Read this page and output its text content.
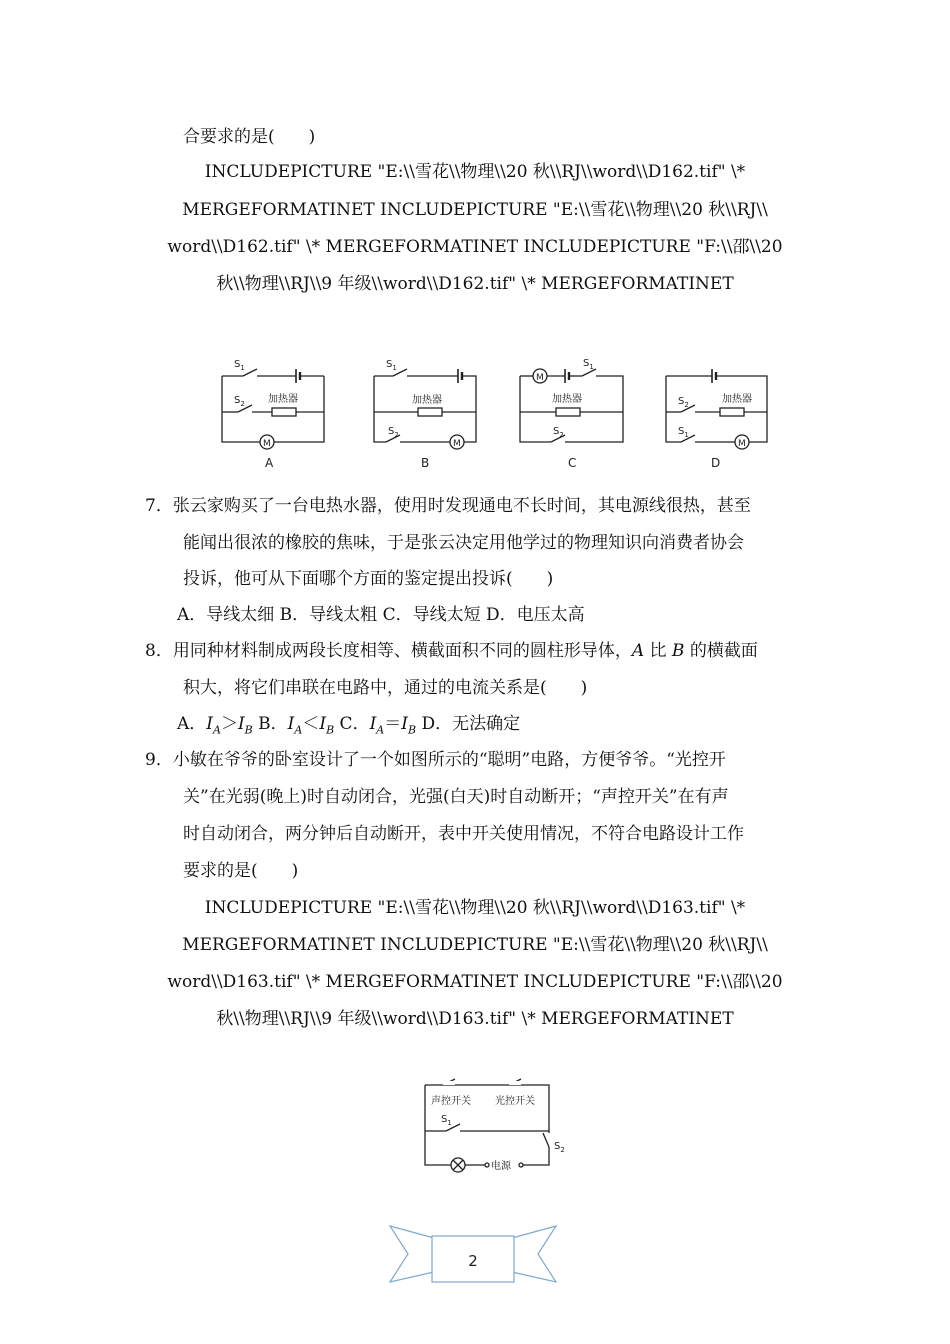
合要求的是(　　)
INCLUDEPICTURE "E:\\雪花\\物理\\20 秋\\RJ\\word\\D162.tif" \*
MERGEFORMATINET INCLUDEPICTURE "E:\\雪花\\物理\\20 秋\\RJ\\
word\\D162.tif" \* MERGEFORMATINET INCLUDEPICTURE "F:\\邵\\20
秋\\物理\\RJ\\9 年级\\word\\D162.tif" \* MERGEFORMATINET
$S_1$
$S_2$ 加热器
M
A
$S_1$
加热器
$S_2$
M
B
M
$S_1$
加热器
$S_2$
C
加热器
$S_2$
$S_1$
M
D
7．张云家购买了一台电热水器，使用时发现通电不长时间，其电源线很热，甚至
能闻出很浓的橡胶的焦味，于是张云决定用他学过的物理知识向消费者协会
投诉，他可从下面哪个方面的鉴定提出投诉(　　)
A．导线太细 B．导线太粗 C．导线太短 D．电压太高
8．用同种材料制成两段长度相等、横截面积不同的圆柱形导体，A 比 B 的横截面
积大，将它们串联在电路中，通过的电流关系是(　　)
A．$I_A>I_B$ B．$I_A<I_B$ C．$I_A=I_B$ D．无法确定
9．小敏在爷爷的卧室设计了一个如图所示的“聪明”电路，方便爷爷。“光控开
关”在光弱(晚上)时自动闭合，光强(白天)时自动断开；“声控开关”在有声
时自动闭合，两分钟后自动断开，表中开关使用情况，不符合电路设计工作
要求的是(　　)
INCLUDEPICTURE "E:\\雪花\\物理\\20 秋\\RJ\\word\\D163.tif" \*
MERGEFORMATINET INCLUDEPICTURE "E:\\雪花\\物理\\20 秋\\RJ\\
word\\D163.tif" \* MERGEFORMATINET INCLUDEPICTURE "F:\\邵\\20
秋\\物理\\RJ\\9 年级\\word\\D163.tif" \* MERGEFORMATINET
声控开关 光控开关
$S_1$
$S_2$
电源
2
